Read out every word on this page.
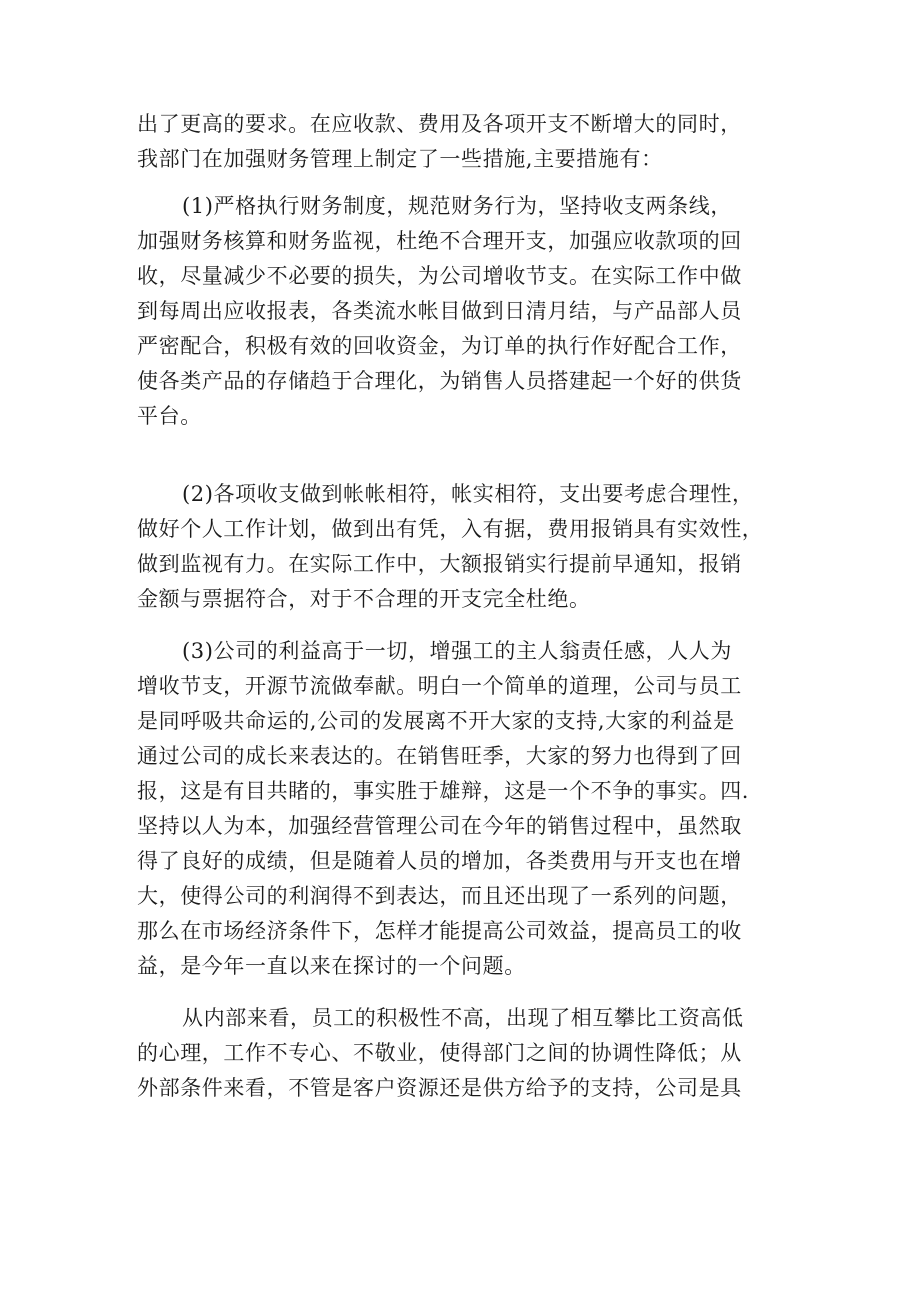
出了更高的要求。在应收款、费用及各项开支不断增大的同时，
我部门在加强财务管理上制定了一些措施,主要措施有：
(1)严格执行财务制度，规范财务行为，坚持收支两条线，
加强财务核算和财务监视，杜绝不合理开支，加强应收款项的回
收，尽量减少不必要的损失，为公司增收节支。在实际工作中做
到每周出应收报表，各类流水帐目做到日清月结，与产品部人员
严密配合，积极有效的回收资金，为订单的执行作好配合工作，
使各类产品的存储趋于合理化，为销售人员搭建起一个好的供货
平台。
(2)各项收支做到帐帐相符，帐实相符，支出要考虑合理性，
做好个人工作计划，做到出有凭，入有据，费用报销具有实效性，
做到监视有力。在实际工作中，大额报销实行提前早通知，报销
金额与票据符合，对于不合理的开支完全杜绝。
(3)公司的利益高于一切，增强工的主人翁责任感，人人为
增收节支，开源节流做奉献。明白一个简单的道理，公司与员工
是同呼吸共命运的,公司的发展离不开大家的支持,大家的利益是
通过公司的成长来表达的。在销售旺季，大家的努力也得到了回
报，这是有目共睹的，事实胜于雄辩，这是一个不争的事实。四.
坚持以人为本，加强经营管理公司在今年的销售过程中，虽然取
得了良好的成绩，但是随着人员的增加，各类费用与开支也在增
大，使得公司的利润得不到表达，而且还出现了一系列的问题，
那么在市场经济条件下，怎样才能提高公司效益，提高员工的收
益，是今年一直以来在探讨的一个问题。
从内部来看，员工的积极性不高，出现了相互攀比工资高低
的心理，工作不专心、不敬业，使得部门之间的协调性降低；从
外部条件来看，不管是客户资源还是供方给予的支持，公司是具
